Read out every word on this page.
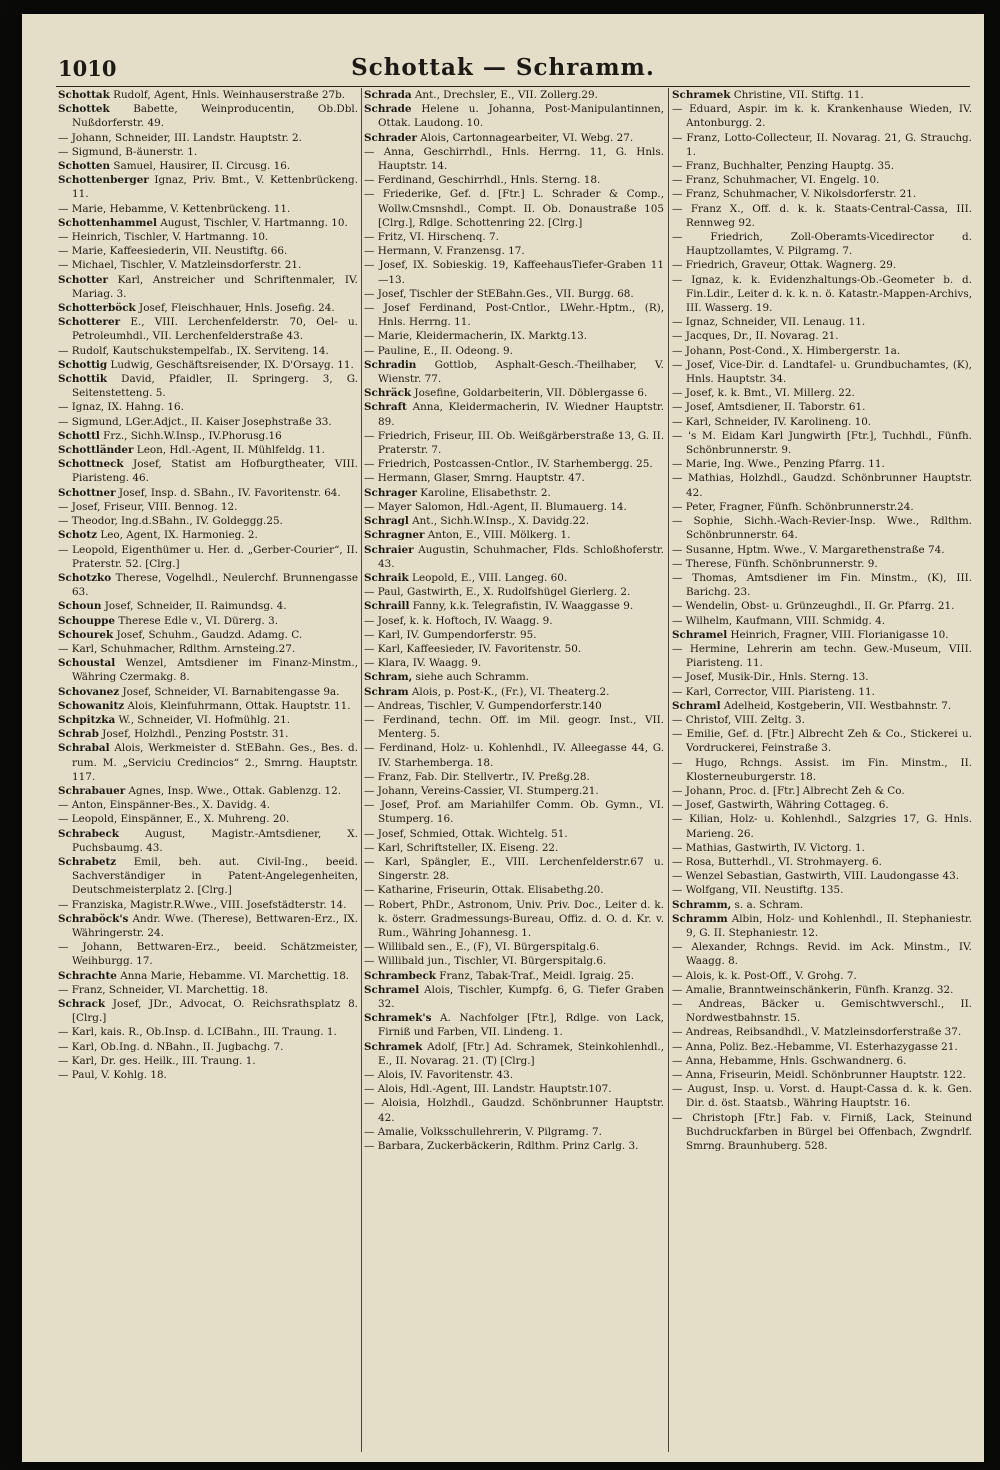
1010	Schottak — Schramm.

Schottak Rudolf, Agent, Hnls. Weinhauserstraße 27b.

Schottek Babette, Weinproducentin, Ob.Dbl. Nußdorferstr. 49.

— Johann, Schneider, III. Landstr. Hauptstr. 2.

— Sigmund, B-äunerstr. 1.

Schotten Samuel, Hausirer, II. Circusg. 16.

Schottenberger Ignaz, Priv. Bmt., V. Kettenbrückeng. 11.

— Marie, Hebamme, V. Kettenbrückeng. 11.

Schottenhammel August, Tischler, V. Hartmanng. 10.

— Heinrich, Tischler, V. Hartmanng. 10.

— Marie, Kaffeesiederin, VII. Neustiftg. 66.

— Michael, Tischler, V. Matzleinsdorferstr. 21.

Schotter Karl, Anstreicher und Schriftenmaler, IV. Mariag. 3.

Schotterböck Josef, Fleischhauer, Hnls. Josefig. 24.

Schotterer E., VIII. Lerchenfelderstr. 70, Oel- u. Petroleumhdl., VII. Lerchenfelderstraße 43.

— Rudolf, Kautschukstempelfab., IX. Serviteng. 14.

Schottig Ludwig, Geschäftsreisender, IX. D'Orsayg. 11.

Schottik David, Pfaidler, II. Springerg. 3, G. Seitenstetteng. 5.

— Ignaz, IX. Hahng. 16.

— Sigmund, LGer.Adjct., II. Kaiser Josephstraße 33.

Schottl Frz., Sichh.W.Insp., IV.Phorusg.16

Schottländer Leon, Hdl.-Agent, II. Mühlfeldg. 11.

Schottneck Josef, Statist am Hofburgtheater, VIII. Piaristeng. 46.

Schottner Josef, Insp. d. SBahn., IV. Favoritenstr. 64.

— Josef, Friseur, VIII. Bennog. 12.

— Theodor, Ing.d.SBahn., IV. Goldeggg.25.

Schotz Leo, Agent, IX. Harmonieg. 2.

— Leopold, Eigenthümer u. Her. d. „Gerber-Courier“, II. Praterstr. 52. [Clrg.]

Schotzko Therese, Vogelhdl., Neulerchf. Brunnengasse 63.

Schoun Josef, Schneider, II. Raimundsg. 4.

Schouppe Therese Edle v., VI. Dürerg. 3.

Schourek Josef, Schuhm., Gaudzd. Adamg. C.

— Karl, Schuhmacher, Rdlthm. Arnsteing.27.

Schoustal Wenzel, Amtsdiener im Finanz-Minstm., Währing Czermakg. 8.

Schovanez Josef, Schneider, VI. Barnabitengasse 9a.

Schowanitz Alois, Kleinfuhrmann, Ottak. Hauptstr. 11.

Schpitzka W., Schneider, VI. Hofmühlg. 21.

Schrab Josef, Holzhdl., Penzing Poststr. 31.

Schrabal Alois, Werkmeister d. StEBahn. Ges., Bes. d. rum. M. „Serviciu Credincios“ 2., Smrng. Hauptstr. 117.

Schrabauer Agnes, Insp. Wwe., Ottak. Gablenzg. 12.

— Anton, Einspänner-Bes., X. Davidg. 4.

— Leopold, Einspänner, E., X. Muhreng. 20.

Schrabeck August, Magistr.-Amtsdiener, X. Puchsbaumg. 43.

Schrabetz Emil, beh. aut. Civil-Ing., beeid. Sachverständiger in Patent-Angelegenheiten, Deutschmeisterplatz 2. [Clrg.]

— Franziska, Magistr.R.Wwe., VIII. Josefstädterstr. 14.

Schraböck's Andr. Wwe. (Therese), Bettwaren-Erz., IX. Währingerstr. 24.

— Johann, Bettwaren-Erz., beeid. Schätzmeister, Weihburgg. 17.

Schrachte Anna Marie, Hebamme. VI. Marchettig. 18.

— Franz, Schneider, VI. Marchettig. 18.

Schrack Josef, JDr., Advocat, O. Reichsrathsplatz 8. [Clrg.]

— Karl, kais. R., Ob.Insp. d. LCIBahn., III. Traung. 1.

— Karl, Ob.Ing. d. NBahn., II. Jugbachg. 7.

— Karl, Dr. ges. Heilk., III. Traung. 1.

— Paul, V. Kohlg. 18.

Schrada Ant., Drechsler, E., VII. Zollerg.29.

Schrade Helene u. Johanna, Post-Manipulantinnen, Ottak. Laudong. 10.

Schrader Alois, Cartonnagearbeiter, VI. Webg. 27.

— Anna, Geschirrhdl., Hnls. Herrng. 11, G. Hnls. Hauptstr. 14.

— Ferdinand, Geschirrhdl., Hnls. Sterng. 18.

— Friederike, Gef. d. [Ftr.] L. Schrader & Comp., Wollw.Cmsnshdl., Compt. II. Ob. Donaustraße 105 [Clrg.], Rdlge. Schottenring 22. [Clrg.]

— Fritz, VI. Hirschenq. 7.

— Hermann, V. Franzensg. 17.

— Josef, IX. Sobieskig. 19, KaffeehausTiefer-Graben 11—13.

— Josef, Tischler der StEBahn.Ges., VII. Burgg. 68.

— Josef Ferdinand, Post-Cntlor., LWehr.-Hptm., (R), Hnls. Herrng. 11.

— Marie, Kleidermacherin, IX. Marktg.13.

— Pauline, E., II. Odeong. 9.

Schradin Gottlob, Asphalt-Gesch.-Theilhaber, V. Wienstr. 77.

Schräck Josefine, Goldarbeiterin, VII. Döblergasse 6.

Schraft Anna, Kleidermacherin, IV. Wiedner Hauptstr. 89.

— Friedrich, Friseur, III. Ob. Weißgärberstraße 13, G. II. Praterstr. 7.

— Friedrich, Postcassen-Cntlor., IV. Starhembergg. 25.

— Hermann, Glaser, Smrng. Hauptstr. 47.

Schrager Karoline, Elisabethstr. 2.

— Mayer Salomon, Hdl.-Agent, II. Blumauerg. 14.

Schragl Ant., Sichh.W.Insp., X. Davidg.22.

Schragner Anton, E., VIII. Mölkerg. 1.

Schraier Augustin, Schuhmacher, Flds. Schloßhoferstr. 43.

Schraik Leopold, E., VIII. Langeg. 60.

— Paul, Gastwirth, E., X. Rudolfshügel Gierlerg. 2.

Schraill Fanny, k.k. Telegrafistin, IV. Waaggasse 9.

— Josef, k. k. Hoftoch, IV. Waagg. 9.

— Karl, IV. Gumpendorferstr. 95.

— Karl, Kaffeesieder, IV. Favoritenstr. 50.

— Klara, IV. Waagg. 9.

Schram, siehe auch Schramm.

Schram Alois, p. Post-K., (Fr.), VI. Theaterg.2.

— Andreas, Tischler, V. Gumpendorferstr.140

— Ferdinand, techn. Off. im Mil. geogr. Inst., VII. Menterg. 5.

— Ferdinand, Holz- u. Kohlenhdl., IV. Alleegasse 44, G. IV. Starhemberga. 18.

— Franz, Fab. Dir. Stellvertr., IV. Preßg.28.

— Johann, Vereins-Cassier, VI. Stumperg.21.

— Josef, Prof. am Mariahilfer Comm. Ob. Gymn., VI. Stumperg. 16.

— Josef, Schmied, Ottak. Wichtelg. 51.

— Karl, Schriftsteller, IX. Eiseng. 22.

— Karl, Spängler, E., VIII. Lerchenfelderstr.67 u. Singerstr. 28.

— Katharine, Friseurin, Ottak. Elisabethg.20.

— Robert, PhDr., Astronom, Univ. Priv. Doc., Leiter d. k. k. österr. Gradmessungs-Bureau, Offiz. d. O. d. Kr. v. Rum., Währing Johannesg. 1.

— Willibald sen., E., (F), VI. Bürgerspitalg.6.

— Willibald jun., Tischler, VI. Bürgerspitalg.6.

Schrambeck Franz, Tabak-Traf., Meidl. Igraig. 25.

Schramel Alois, Tischler, Kumpfg. 6, G. Tiefer Graben 32.

Schramek's A. Nachfolger [Ftr.], Rdlge. von Lack, Firniß und Farben, VII. Lindeng. 1.

Schramek Adolf, [Ftr.] Ad. Schramek, Steinkohlenhdl., E., II. Novarag. 21. (T) [Clrg.]

— Alois, IV. Favoritenstr. 43.

— Alois, Hdl.-Agent, III. Landstr. Hauptstr.107.

— Aloisia, Holzhdl., Gaudzd. Schönbrunner Hauptstr. 42.

— Amalie, Volksschullehrerin, V. Pilgramg. 7.

— Barbara, Zuckerbäckerin, Rdlthm. Prinz Carlg. 3.

Schramek Christine, VII. Stiftg. 11.

— Eduard, Aspir. im k. k. Krankenhause Wieden, IV. Antonburgg. 2.

— Franz, Lotto-Collecteur, II. Novarag. 21, G. Strauchg. 1.

— Franz, Buchhalter, Penzing Hauptg. 35.

— Franz, Schuhmacher, VI. Engelg. 10.

— Franz, Schuhmacher, V. Nikolsdorferstr. 21.

— Franz X., Off. d. k. k. Staats-Central-Cassa, III. Rennweg 92.

— Friedrich, Zoll-Oberamts-Vicedirector d. Hauptzollamtes, V. Pilgramg. 7.

— Friedrich, Graveur, Ottak. Wagnerg. 29.

— Ignaz, k. k. Evidenzhaltungs-Ob.-Geometer b. d. Fin.Ldir., Leiter d. k. k. n. ö. Katastr.-Mappen-Archivs, III. Wasserg. 19.

— Ignaz, Schneider, VII. Lenaug. 11.

— Jacques, Dr., II. Novarag. 21.

— Johann, Post-Cond., X. Himbergerstr. 1a.

— Josef, Vice-Dir. d. Landtafel- u. Grundbuchamtes, (K), Hnls. Hauptstr. 34.

— Josef, k. k. Bmt., VI. Millerg. 22.

— Josef, Amtsdiener, II. Taborstr. 61.

— Karl, Schneider, IV. Karolineng. 10.

— 's M. Eidam Karl Jungwirth [Ftr.], Tuchhdl., Fünfh. Schönbrunnerstr. 9.

— Marie, Ing. Wwe., Penzing Pfarrg. 11.

— Mathias, Holzhdl., Gaudzd. Schönbrunner Hauptstr. 42.

— Peter, Fragner, Fünfh. Schönbrunnerstr.24.

— Sophie, Sichh.-Wach-Revier-Insp. Wwe., Rdlthm. Schönbrunnerstr. 64.

— Susanne, Hptm. Wwe., V. Margarethenstraße 74.

— Therese, Fünfh. Schönbrunnerstr. 9.

— Thomas, Amtsdiener im Fin. Minstm., (K), III. Barichg. 23.

— Wendelin, Obst- u. Grünzeughdl., II. Gr. Pfarrg. 21.

— Wilhelm, Kaufmann, VIII. Schmidg. 4.

Schramel Heinrich, Fragner, VIII. Florianigasse 10.

— Hermine, Lehrerin am techn. Gew.-Museum, VIII. Piaristeng. 11.

— Josef, Musik-Dir., Hnls. Sterng. 13.

— Karl, Corrector, VIII. Piaristeng. 11.

Schraml Adelheid, Kostgeberin, VII. Westbahnstr. 7.

— Christof, VIII. Zeltg. 3.

— Emilie, Gef. d. [Ftr.] Albrecht Zeh & Co., Stickerei u. Vordruckerei, Feinstraße 3.

— Hugo, Rchngs. Assist. im Fin. Minstm., II. Klosterneuburgerstr. 18.

— Johann, Proc. d. [Ftr.] Albrecht Zeh & Co.

— Josef, Gastwirth, Währing Cottageg. 6.

— Kilian, Holz- u. Kohlenhdl., Salzgries 17, G. Hnls. Marieng. 26.

— Mathias, Gastwirth, IV. Victorg. 1.

— Rosa, Butterhdl., VI. Strohmayerg. 6.

— Wenzel Sebastian, Gastwirth, VIII. Laudongasse 43.

— Wolfgang, VII. Neustiftg. 135.

Schramm, s. a. Schram.

Schramm Albin, Holz- und Kohlenhdl., II. Stephaniestr. 9, G. II. Stephaniestr. 12.

— Alexander, Rchngs. Revid. im Ack. Minstm., IV. Waagg. 8.

— Alois, k. k. Post-Off., V. Grohg. 7.

— Amalie, Branntweinschänkerin, Fünfh. Kranzg. 32.

— Andreas, Bäcker u. Gemischtwverschl., II. Nordwestbahnstr. 15.

— Andreas, Reibsandhdl., V. Matzleinsdorferstraße 37.

— Anna, Poliz. Bez.-Hebamme, VI. Esterhazygasse 21.

— Anna, Hebamme, Hnls. Gschwandnerg. 6.

— Anna, Friseurin, Meidl. Schönbrunner Hauptstr. 122.

— August, Insp. u. Vorst. d. Haupt-Cassa d. k. k. Gen. Dir. d. öst. Staatsb., Währing Hauptstr. 16.

— Christoph [Ftr.] Fab. v. Firniß, Lack, Steinund Buchdruckfarben in Bürgel bei Offenbach, Zwgndrlf. Smrng. Braunhuberg. 528.
